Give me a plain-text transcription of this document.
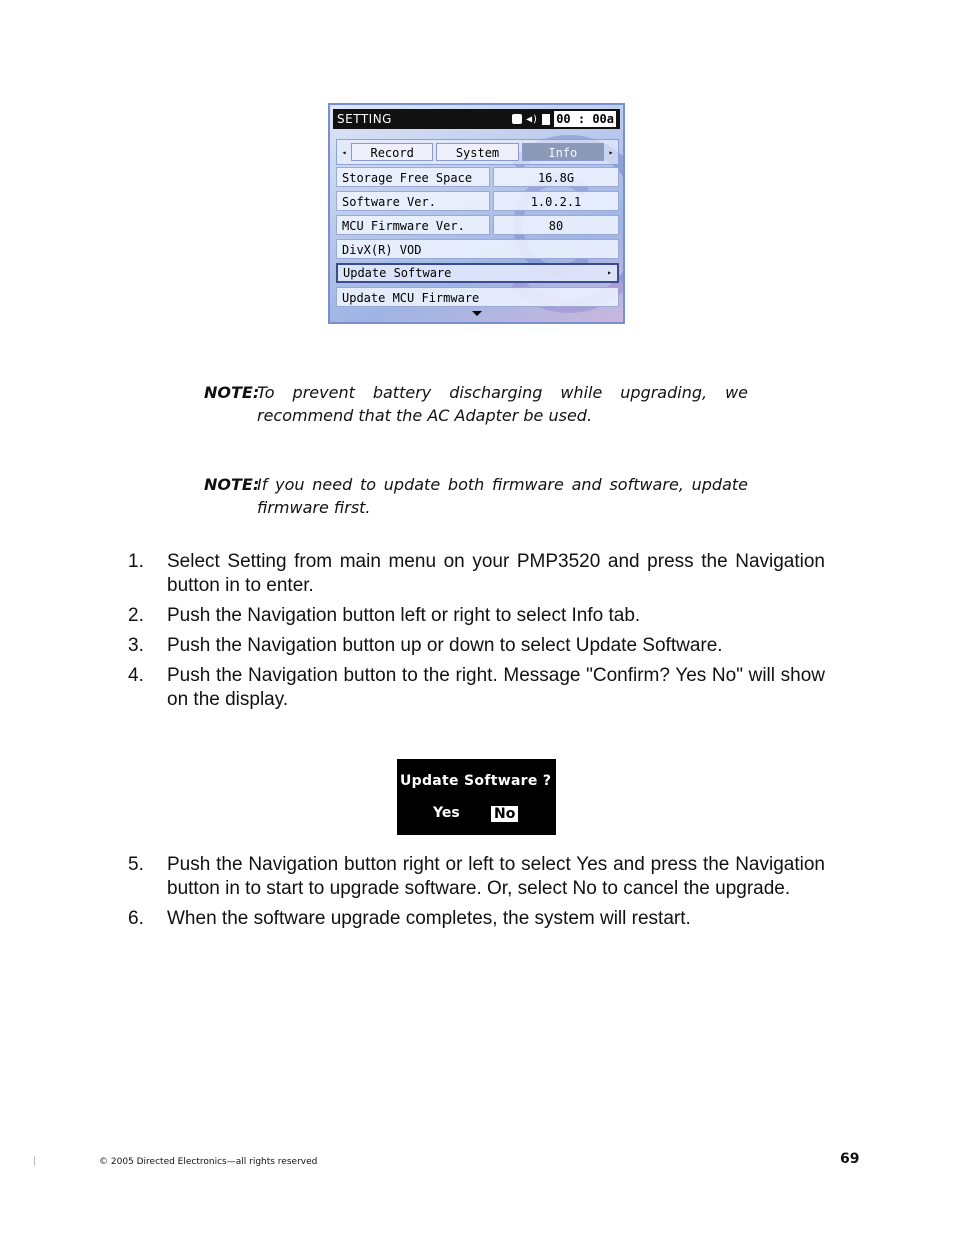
SETTING	◀) 00 : 00a
◂	Record	System	Info	▸
Storage Free Space	16.8G
Software Ver.	1.0.2.1
MCU Firmware Ver.	80
DivX(R) VOD
Update Software	▸
Update MCU Firmware
NOTE:
To prevent battery discharging while upgrading, we recommend that the AC Adapter be used.
NOTE:
If you need to update both firmware and software, update firmware first.
1. Select Setting from main menu on your PMP3520 and press the Navigation button in to enter.
2. Push the Navigation button left or right to select Info tab.
3. Push the Navigation button up or down to select Update Software.
4. Push the Navigation button to the right. Message "Confirm? Yes No" will show on the display.
Update Software ?
Yes No
5. Push the Navigation button right or left to select Yes and press the Navigation button in to start to upgrade software. Or, select No to cancel the upgrade.
6. When the software upgrade completes, the system will restart.
© 2005 Directed Electronics—all rights reserved	69
